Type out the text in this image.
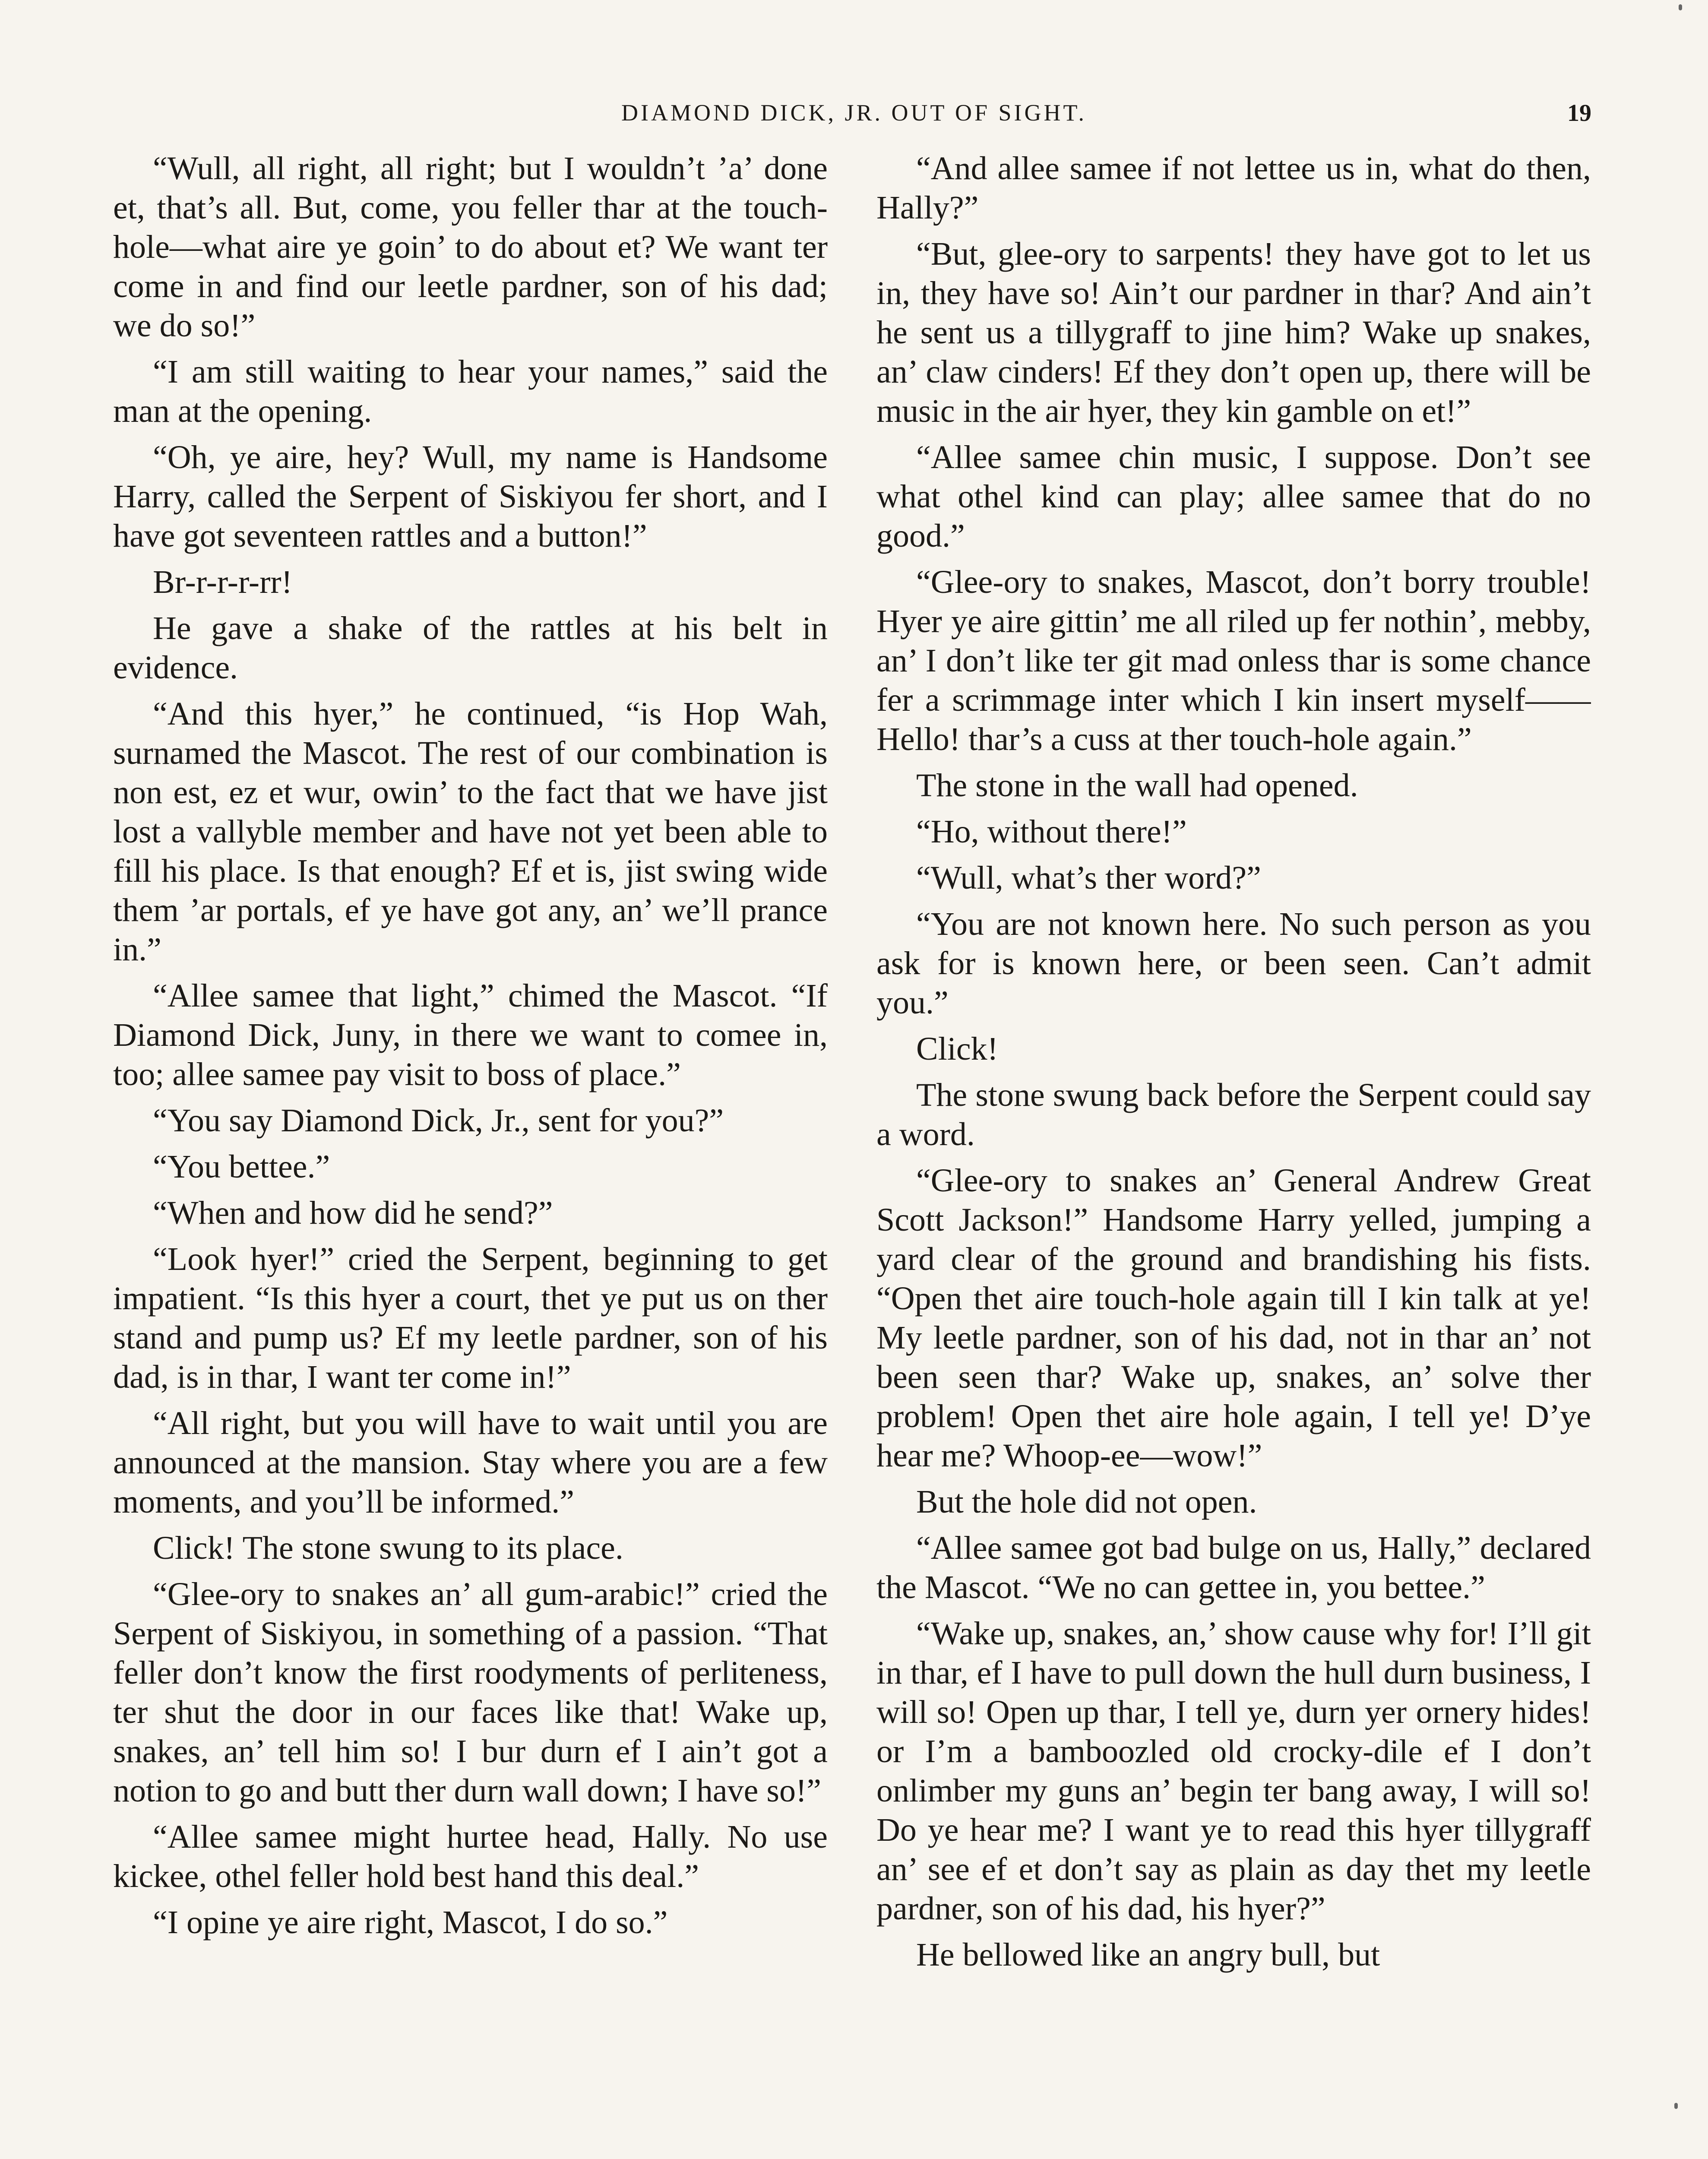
DIAMOND DICK, JR. OUT OF SIGHT.	19

“Wull, all right, all right; but I wouldn’t ’a’ done et, that’s all. But, come, you feller thar at the touch-hole—what aire ye goin’ to do about et? We want ter come in and find our leetle pardner, son of his dad; we do so!”

“I am still waiting to hear your names,” said the man at the opening.

“Oh, ye aire, hey? Wull, my name is Handsome Harry, called the Serpent of Siskiyou fer short, and I have got seventeen rattles and a button!”

Br-r-r-r-rr!

He gave a shake of the rattles at his belt in evidence.

“And this hyer,” he continued, “is Hop Wah, surnamed the Mascot. The rest of our combination is non est, ez et wur, owin’ to the fact that we have jist lost a vallyble member and have not yet been able to fill his place. Is that enough? Ef et is, jist swing wide them ’ar portals, ef ye have got any, an’ we’ll prance in.”

“Allee samee that light,” chimed the Mascot. “If Diamond Dick, Juny, in there we want to comee in, too; allee samee pay visit to boss of place.”

“You say Diamond Dick, Jr., sent for you?”

“You bettee.”

“When and how did he send?”

“Look hyer!” cried the Serpent, beginning to get impatient. “Is this hyer a court, thet ye put us on ther stand and pump us? Ef my leetle pardner, son of his dad, is in thar, I want ter come in!”

“All right, but you will have to wait until you are announced at the mansion. Stay where you are a few moments, and you’ll be informed.”

Click! The stone swung to its place.

“Glee-ory to snakes an’ all gum-arabic!” cried the Serpent of Siskiyou, in something of a passion. “That feller don’t know the first roodyments of perliteness, ter shut the door in our faces like that! Wake up, snakes, an’ tell him so! I bur durn ef I ain’t got a notion to go and butt ther durn wall down; I have so!”

“Allee samee might hurtee head, Hally. No use kickee, othel feller hold best hand this deal.”

“I opine ye aire right, Mascot, I do so.”

“And allee samee if not lettee us in, what do then, Hally?”

“But, glee-ory to sarpents! they have got to let us in, they have so! Ain’t our pardner in thar? And ain’t he sent us a tillygraff to jine him? Wake up snakes, an’ claw cinders! Ef they don’t open up, there will be music in the air hyer, they kin gamble on et!”

“Allee samee chin music, I suppose. Don’t see what othel kind can play; allee samee that do no good.”

“Glee-ory to snakes, Mascot, don’t borry trouble! Hyer ye aire gittin’ me all riled up fer nothin’, mebby, an’ I don’t like ter git mad onless thar is some chance fer a scrimmage inter which I kin insert myself—— Hello! thar’s a cuss at ther touch-hole again.”

The stone in the wall had opened.

“Ho, without there!”

“Wull, what’s ther word?”

“You are not known here. No such person as you ask for is known here, or been seen. Can’t admit you.”

Click!

The stone swung back before the Serpent could say a word.

“Glee-ory to snakes an’ General Andrew Great Scott Jackson!” Handsome Harry yelled, jumping a yard clear of the ground and brandishing his fists. “Open thet aire touch-hole again till I kin talk at ye! My leetle pardner, son of his dad, not in thar an’ not been seen thar? Wake up, snakes, an’ solve ther problem! Open thet aire hole again, I tell ye! D’ye hear me? Whoop-ee—wow!”

But the hole did not open.

“Allee samee got bad bulge on us, Hally,” declared the Mascot. “We no can gettee in, you bettee.”

“Wake up, snakes, an,’ show cause why for! I’ll git in thar, ef I have to pull down the hull durn business, I will so! Open up thar, I tell ye, durn yer ornery hides! or I’m a bamboozled old crocky-dile ef I don’t onlimber my guns an’ begin ter bang away, I will so! Do ye hear me? I want ye to read this hyer tillygraff an’ see ef et don’t say as plain as day thet my leetle pardner, son of his dad, his hyer?”

He bellowed like an angry bull, but
